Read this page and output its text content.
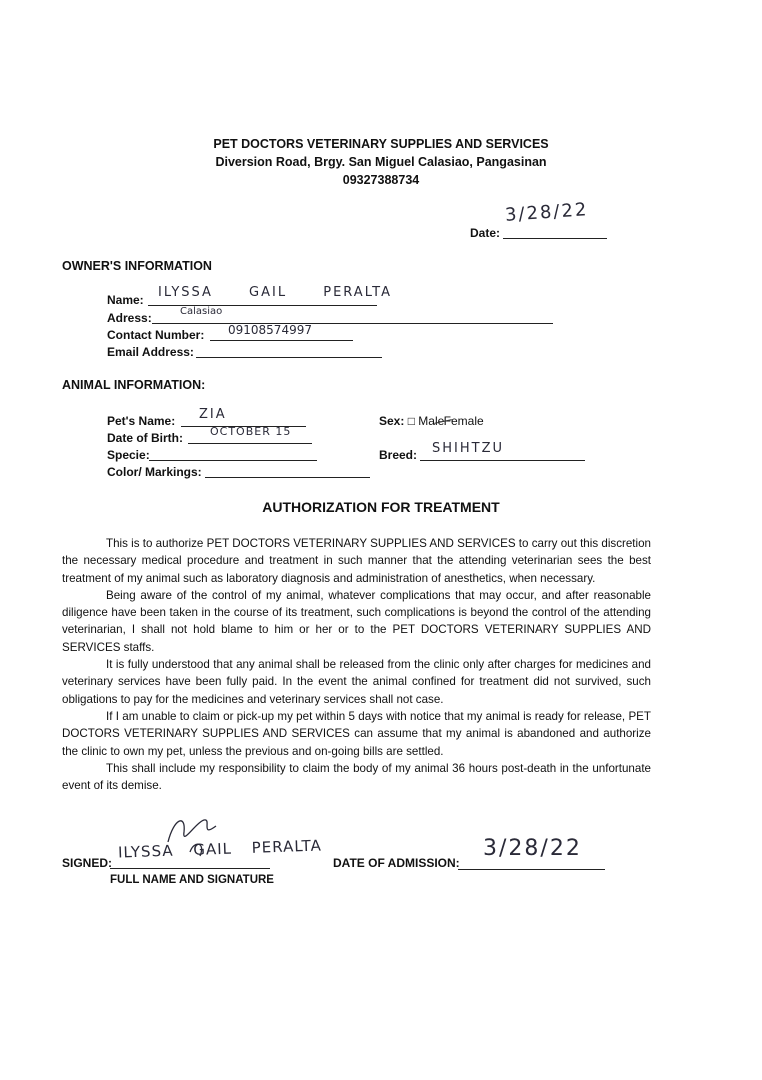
PET DOCTORS VETERINARY SUPPLIES AND SERVICES
Diversion Road, Brgy. San Miguel Calasiao, Pangasinan
09327388734
Date:
3/28/22
OWNER'S INFORMATION
Name: ILYSSA GAIL PERALTA
Adress:	Calasiao
Contact Number: 09108574997
Email Address:
ANIMAL INFORMATION:
Pet's Name: ZIA
Date of Birth: OCTOBER 15
Specie:
Color/ Markings:
Sex: □ Male Female
Breed: SHIHTZU
AUTHORIZATION FOR TREATMENT

This is to authorize PET DOCTORS VETERINARY SUPPLIES AND SERVICES to carry out this discretion the necessary medical procedure and treatment in such manner that the attending veterinarian sees the best treatment of my animal such as laboratory diagnosis and administration of anesthetics, when necessary.

Being aware of the control of my animal, whatever complications that may occur, and after reasonable diligence have been taken in the course of its treatment, such complications is beyond the control of the attending veterinarian, I shall not hold blame to him or her or to the PET DOCTORS VETERINARY SUPPLIES AND SERVICES staffs.

It is fully understood that any animal shall be released from the clinic only after charges for medicines and veterinary services have been fully paid. In the event the animal confined for treatment did not survived, such obligations to pay for the medicines and veterinary services shall not case.

If I am unable to claim or pick-up my pet within 5 days with notice that my animal is ready for release, PET DOCTORS VETERINARY SUPPLIES AND SERVICES can assume that my animal is abandoned and authorize the clinic to own my pet, unless the previous and on-going bills are settled.

This shall include my responsibility to claim the body of my animal 36 hours post-death in the unfortunate event of its demise.

SIGNED:
ILYSSA GAIL PERALTA
FULL NAME AND SIGNATURE
DATE OF ADMISSION:
3/28/22
